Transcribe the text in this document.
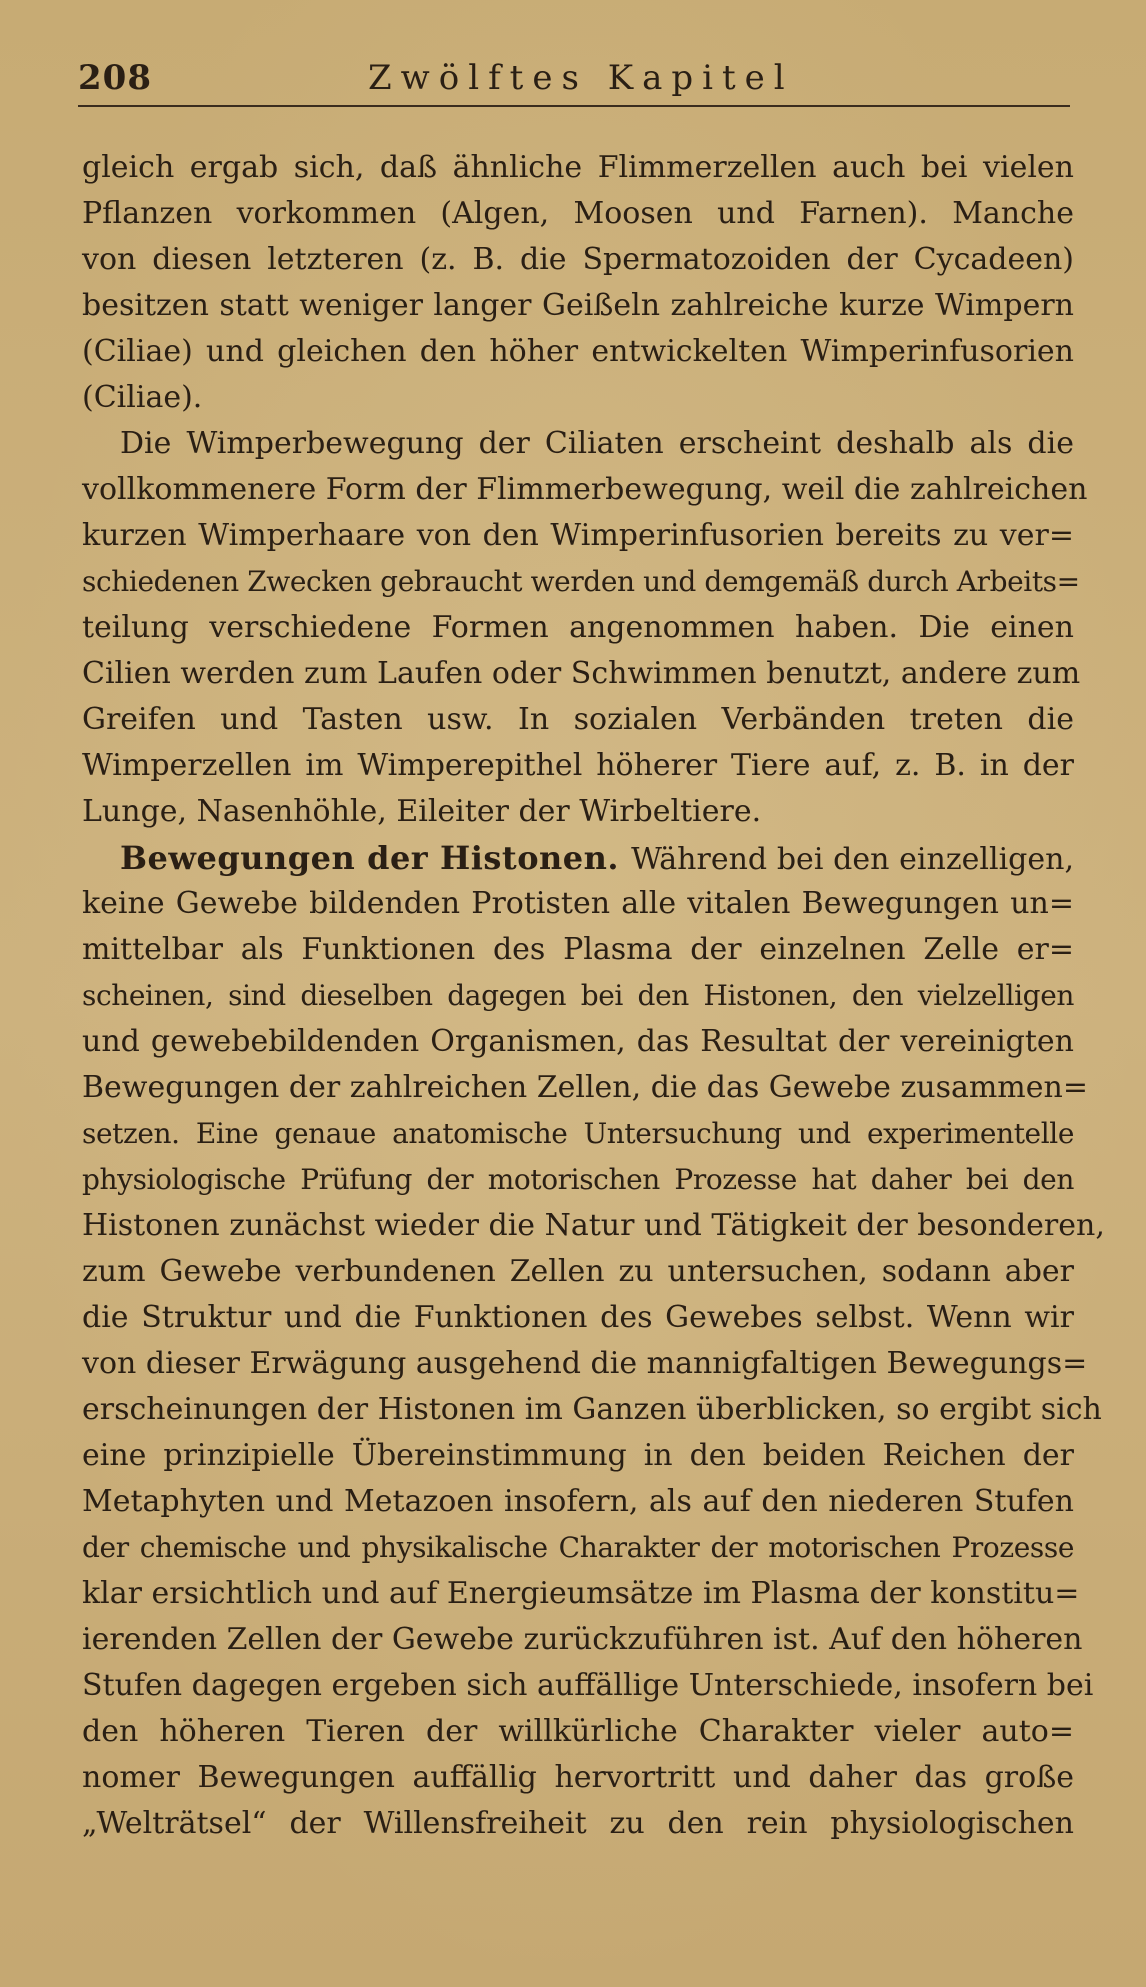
208	Zwölftes Kapitel
gleich ergab sich, daß ähnliche Flimmerzellen auch bei vielen
Pflanzen vorkommen (Algen, Moosen und Farnen). Manche
von diesen letzteren (z. B. die Spermatozoiden der Cycadeen)
besitzen statt weniger langer Geißeln zahlreiche kurze Wimpern
(Ciliae) und gleichen den höher entwickelten Wimperinfusorien
(Ciliae).
Die Wimperbewegung der Ciliaten erscheint deshalb als die
vollkommenere Form der Flimmerbewegung, weil die zahlreichen
kurzen Wimperhaare von den Wimperinfusorien bereits zu ver=
schiedenen Zwecken gebraucht werden und demgemäß durch Arbeits=
teilung verschiedene Formen angenommen haben. Die einen
Cilien werden zum Laufen oder Schwimmen benutzt, andere zum
Greifen und Tasten usw. In sozialen Verbänden treten die
Wimperzellen im Wimperepithel höherer Tiere auf, z. B. in der
Lunge, Nasenhöhle, Eileiter der Wirbeltiere.
Bewegungen der Histonen. Während bei den einzelligen,
keine Gewebe bildenden Protisten alle vitalen Bewegungen un=
mittelbar als Funktionen des Plasma der einzelnen Zelle er=
scheinen, sind dieselben dagegen bei den Histonen, den vielzelligen
und gewebebildenden Organismen, das Resultat der vereinigten
Bewegungen der zahlreichen Zellen, die das Gewebe zusammen=
setzen. Eine genaue anatomische Untersuchung und experimentelle
physiologische Prüfung der motorischen Prozesse hat daher bei den
Histonen zunächst wieder die Natur und Tätigkeit der besonderen,
zum Gewebe verbundenen Zellen zu untersuchen, sodann aber
die Struktur und die Funktionen des Gewebes selbst. Wenn wir
von dieser Erwägung ausgehend die mannigfaltigen Bewegungs=
erscheinungen der Histonen im Ganzen überblicken, so ergibt sich
eine prinzipielle Übereinstimmung in den beiden Reichen der
Metaphyten und Metazoen insofern, als auf den niederen Stufen
der chemische und physikalische Charakter der motorischen Prozesse
klar ersichtlich und auf Energieumsätze im Plasma der konstitu=
ierenden Zellen der Gewebe zurückzuführen ist. Auf den höheren
Stufen dagegen ergeben sich auffällige Unterschiede, insofern bei
den höheren Tieren der willkürliche Charakter vieler auto=
nomer Bewegungen auffällig hervortritt und daher das große
„Welträtsel“ der Willensfreiheit zu den rein physiologischen
